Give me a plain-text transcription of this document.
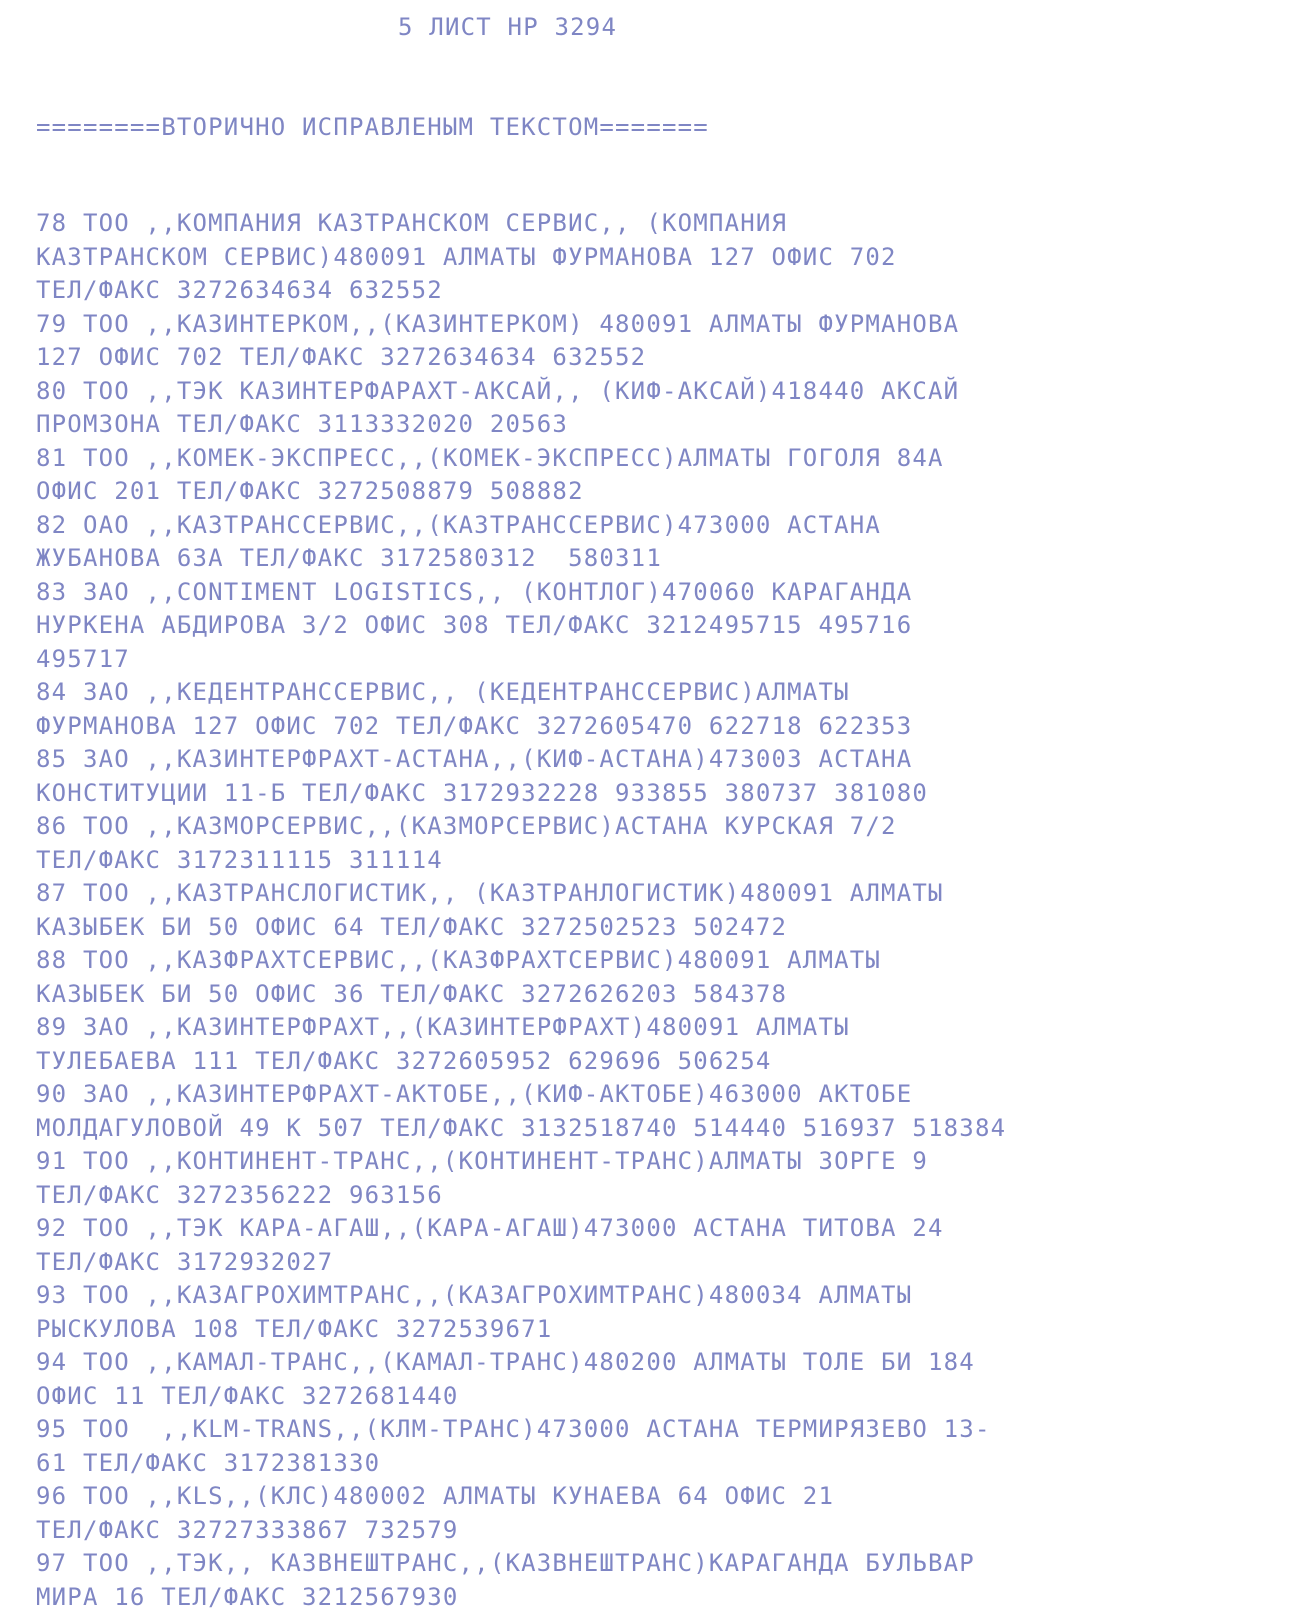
5 ЛИСТ НР 3294
========ВТОРИЧНО ИСПРАВЛЕНЫМ ТЕКСТОМ=======
78 ТОО ,,КОМПАНИЯ КАЗТРАНСКОМ СЕРВИС,, (КОМПАНИЯ
КАЗТРАНСКОМ СЕРВИС)480091 АЛМАТЫ ФУРМАНОВА 127 ОФИС 702
ТЕЛ/ФАКС 32726346З4 632552
79 ТОО ,,КАЗИНТЕРКОМ,,(КАЗИНТЕРКОМ) 480091 АЛМАТЫ ФУРМАНОВА
127 ОФИС 702 ТЕЛ/ФАКС 32726346З4 632552
80 ТОО ,,ТЭК КАЗИНТЕРФАРАХТ-АКСАЙ,, (КИФ-АКСАЙ)418440 АКСАЙ
ПРОМЗОНА ТЕЛ/ФАКС 3113332020 20563
81 ТОО ,,КОМЕК-ЭКСПРЕСС,,(КОМЕК-ЭКСПРЕСС)АЛМАТЫ ГОГОЛЯ 84А
ОФИС 201 ТЕЛ/ФАКС 3272508879 508882
82 ОАО ,,КАЗТРАНССЕРВИС,,(КАЗТРАНССЕРВИС)473000 АСТАНА
ЖУБАНОВА 63А ТЕЛ/ФАКС 3172580312  580311
83 ЗАО ,,CONTIMENT LOGISTICS,, (КОНТЛОГ)470060 КАРАГАНДА
НУРКЕНА АБДИРОВА 3/2 ОФИС 308 ТЕЛ/ФАКС 3212495715 495716
495717
84 ЗАО ,,КЕДЕНТРАНССЕРВИС,, (КЕДЕНТРАНССЕРВИС)АЛМАТЫ
ФУРМАНОВА 127 ОФИС 702 ТЕЛ/ФАКС 3272605470 622718 622353
85 ЗАО ,,КАЗИНТЕРФРАХТ-АСТАНА,,(КИФ-АСТАНА)473003 АСТАНА
КОНСТИТУЦИИ 11-Б ТЕЛ/ФАКС 3172932228 933855 380737 381080
86 ТОО ,,КАЗМОРСЕРВИС,,(КАЗМОРСЕРВИС)АСТАНА КУРСКАЯ 7/2
ТЕЛ/ФАКС 3172311115 311114
87 ТОО ,,КАЗТРАНСЛОГИСТИК,, (КАЗТРАНЛОГИСТИК)480091 АЛМАТЫ
КАЗЫБЕК БИ 50 ОФИС 64 ТЕЛ/ФАКС 3272502523 502472
88 ТОО ,,КАЗФРАХТСЕРВИС,,(КАЗФРАХТСЕРВИС)480091 АЛМАТЫ
КАЗЫБЕК БИ 50 ОФИС 36 ТЕЛ/ФАКС 3272626203 584378
89 ЗАО ,,КАЗИНТЕРФРАХТ,,(КАЗИНТЕРФРАХТ)480091 АЛМАТЫ
ТУЛЕБАЕВА 111 ТЕЛ/ФАКС 3272605952 629696 506254
90 ЗАО ,,КАЗИНТЕРФРАХТ-АКТОБЕ,,(КИФ-АКТОБЕ)463000 АКТОБЕ
МОЛДАГУЛОВОЙ 49 К 507 ТЕЛ/ФАКС 3132518740 514440 516937 518384
91 ТОО ,,КОНТИНЕНТ-ТРАНС,,(КОНТИНЕНТ-ТРАНС)АЛМАТЫ ЗОРГЕ 9
ТЕЛ/ФАКС 3272356222 963156
92 ТОО ,,ТЭК КАРА-АГАШ,,(КАРА-АГАШ)473000 АСТАНА ТИТОВА 24
ТЕЛ/ФАКС 3172932027
93 ТОО ,,КАЗАГРОХИМТРАНС,,(КАЗАГРОХИМТРАНС)480034 АЛМАТЫ
РЫСКУЛОВА 108 ТЕЛ/ФАКС 3272539671
94 ТОО ,,КАМАЛ-ТРАНС,,(КАМАЛ-ТРАНС)480200 АЛМАТЫ ТОЛЕ БИ 184
ОФИС 11 ТЕЛ/ФАКС 3272681440
95 ТОО  ,,KLM-TRANS,,(КЛМ-ТРАНС)473000 АСТАНА ТЕРМИРЯЗЕВО 13-
61 ТЕЛ/ФАКС 3172381330
96 ТОО ,,KLS,,(КЛС)480002 АЛМАТЫ КУНАЕВА 64 ОФИС 21
ТЕЛ/ФАКС 32727333867 732579
97 ТОО ,,ТЭК,, КАЗВНЕШТРАНС,,(КАЗВНЕШТРАНС)КАРАГАНДА БУЛЬВАР
МИРА 16 ТЕЛ/ФАКС 3212567930
